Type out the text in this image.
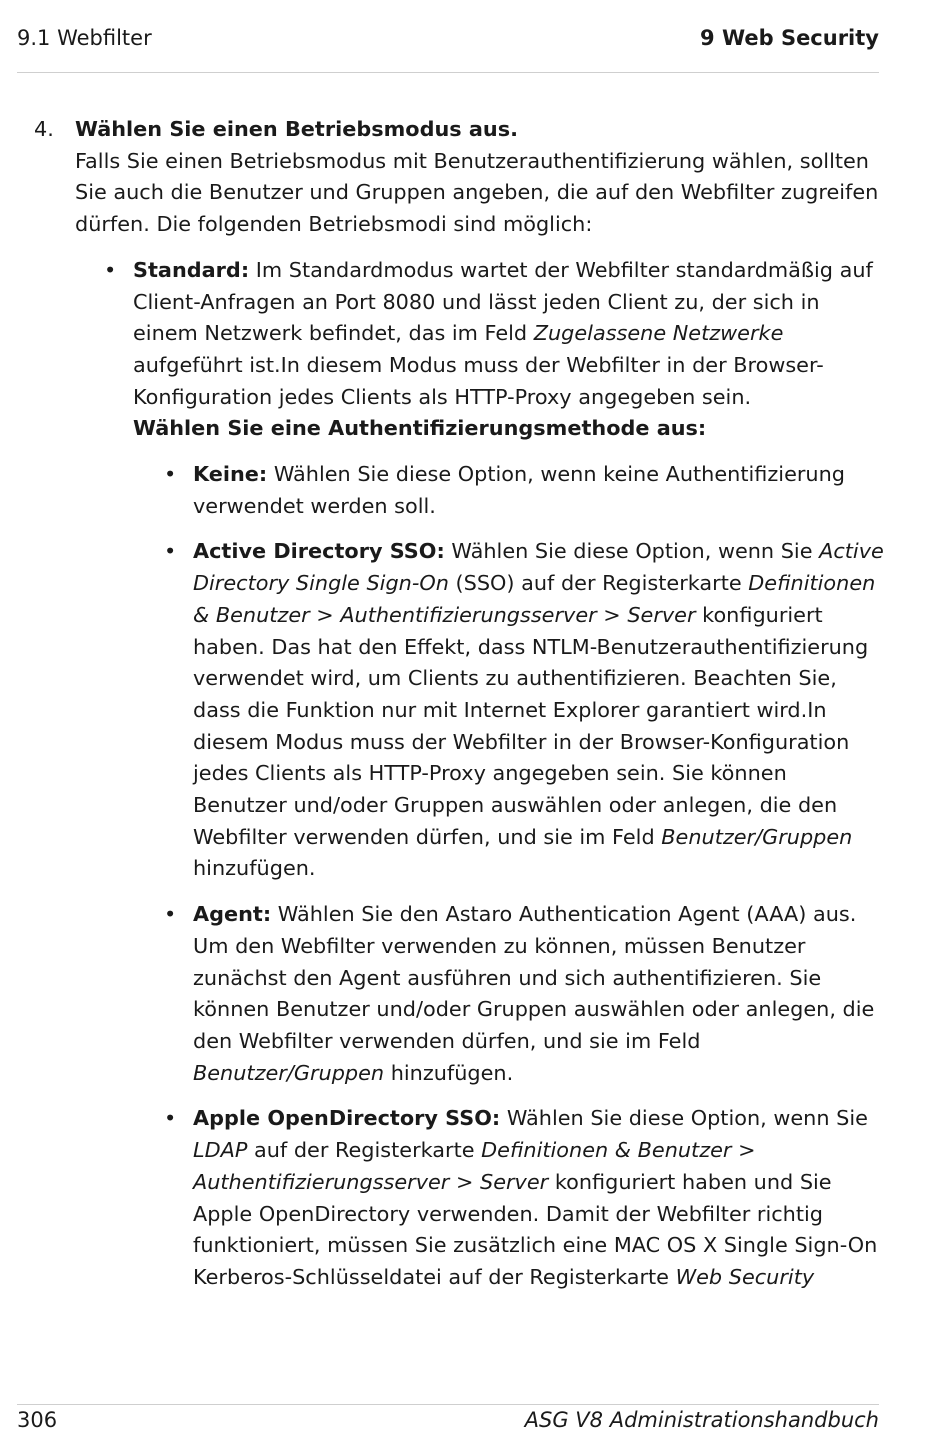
9.1 Webfilter	9 Web Security
4. Wählen Sie einen Betriebsmodus aus.
Falls Sie einen Betriebsmodus mit Benutzerauthentifizierung wählen, sollten Sie auch die Benutzer und Gruppen angeben, die auf den Webfilter zugreifen dürfen. Die folgenden Betriebsmodi sind möglich:
• Standard: Im Standardmodus wartet der Webfilter standardmäßig auf Client-Anfragen an Port 8080 und lässt jeden Client zu, der sich in einem Netzwerk befindet, das im Feld Zugelassene Netzwerke aufgeführt ist.In diesem Modus muss der Webfilter in der Browser-Konfiguration jedes Clients als HTTP-Proxy angegeben sein.
Wählen Sie eine Authentifizierungsmethode aus:
• Keine: Wählen Sie diese Option, wenn keine Authentifizierung verwendet werden soll.
• Active Directory SSO: Wählen Sie diese Option, wenn Sie Active Directory Single Sign-On (SSO) auf der Registerkarte Definitionen & Benutzer > Authentifizierungsserver > Server konfiguriert haben. Das hat den Effekt, dass NTLM-Benutzerauthentifizierung verwendet wird, um Clients zu authentifizieren. Beachten Sie, dass die Funktion nur mit Internet Explorer garantiert wird.In diesem Modus muss der Webfilter in der Browser-Konfiguration jedes Clients als HTTP-Proxy angegeben sein. Sie können Benutzer und/oder Gruppen auswählen oder anlegen, die den Webfilter verwenden dürfen, und sie im Feld Benutzer/Gruppen hinzufügen.
• Agent: Wählen Sie den Astaro Authentication Agent (AAA) aus. Um den Webfilter verwenden zu können, müssen Benutzer zunächst den Agent ausführen und sich authentifizieren. Sie können Benutzer und/oder Gruppen auswählen oder anlegen, die den Webfilter verwenden dürfen, und sie im Feld Benutzer/Gruppen hinzufügen.
• Apple OpenDirectory SSO: Wählen Sie diese Option, wenn Sie LDAP auf der Registerkarte Definitionen & Benutzer > Authentifizierungsserver > Server konfiguriert haben und Sie Apple OpenDirectory verwenden. Damit der Webfilter richtig funktioniert, müssen Sie zusätzlich eine MAC OS X Single Sign-On Kerberos-Schlüsseldatei auf der Registerkarte Web Security
306	ASG V8 Administrationshandbuch
